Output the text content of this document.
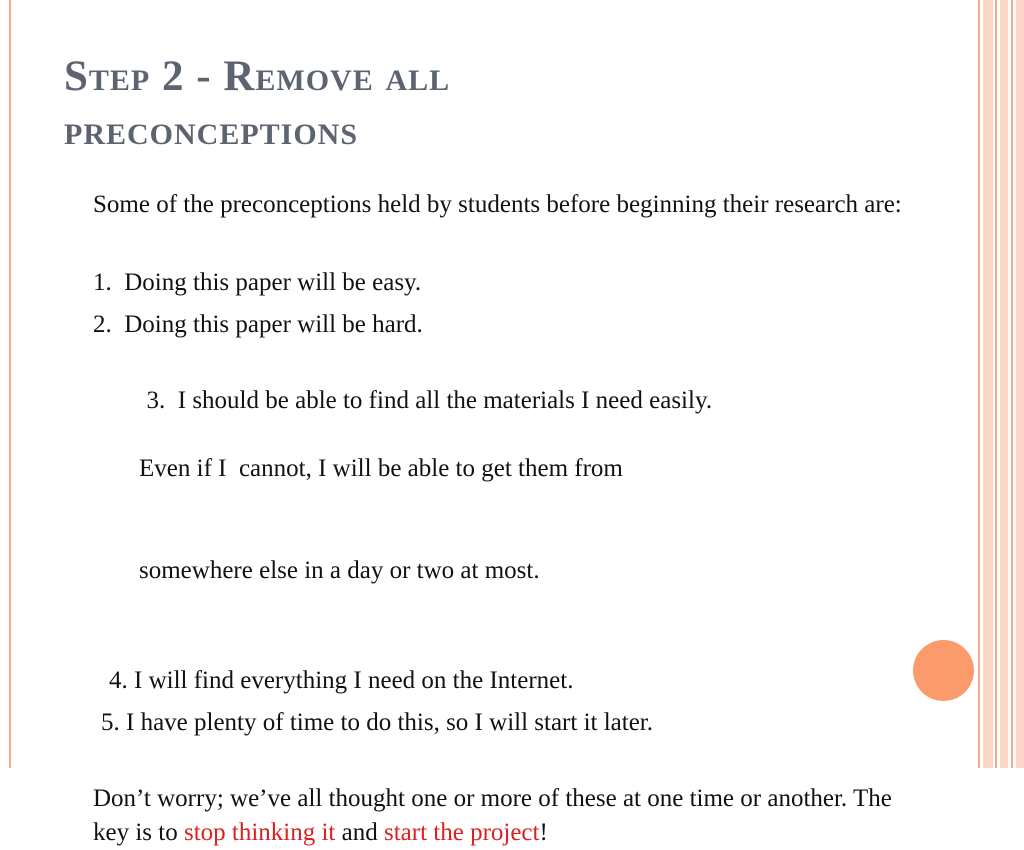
Step 2 - Remove all
preconceptions

Some of the preconceptions held by students before beginning their research are:

1.  Doing this paper will be easy.
2.  Doing this paper will be hard.

3.  I should be able to find all the materials I need easily.

Even if I  cannot, I will be able to get them from

somewhere else in a day or two at most.

4. I will find everything I need on the Internet.
5. I have plenty of time to do this, so I will start it later.

Don’t worry; we’ve all thought one or more of these at one time or another. The key is to stop thinking it and start the project!
